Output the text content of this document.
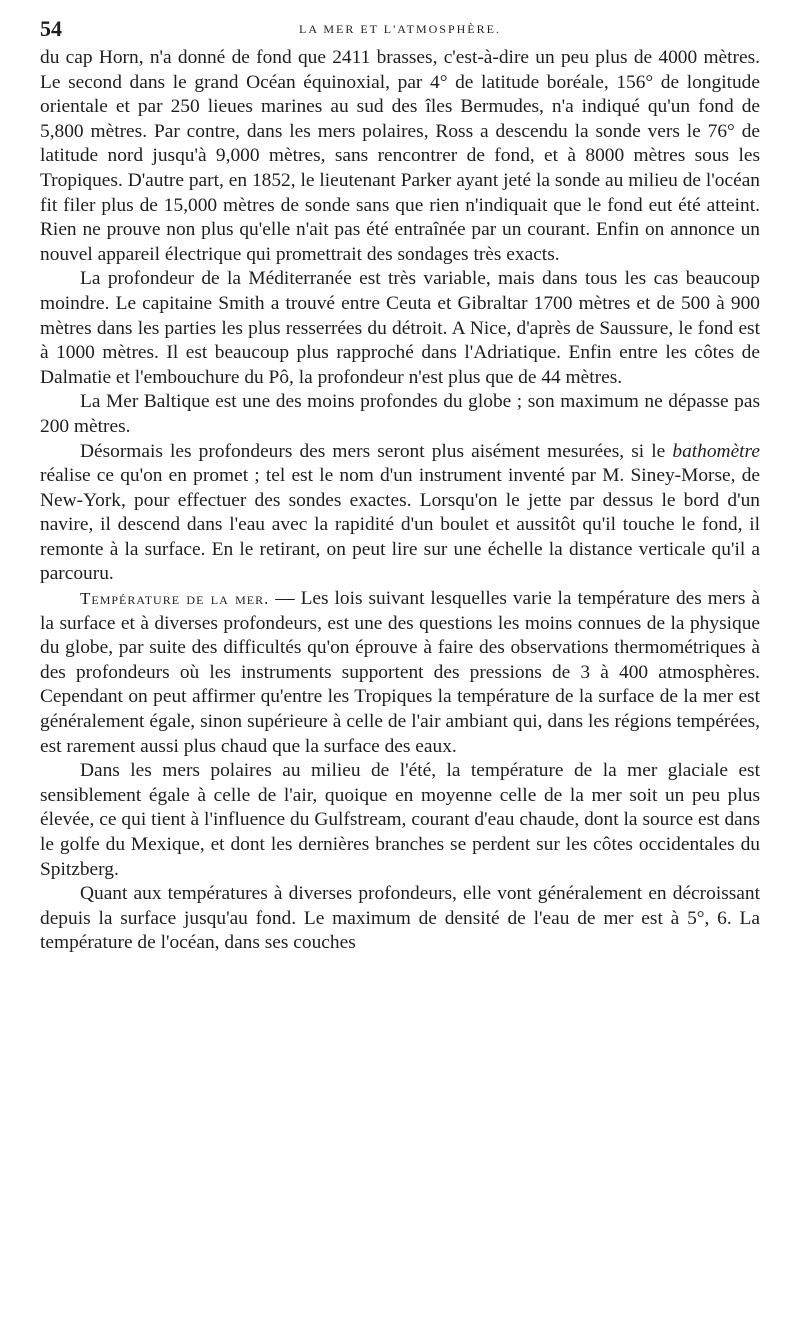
54	LA MER ET L'ATMOSPHÈRE.

du cap Horn, n'a donné de fond que 2411 brasses, c'est-à-dire un peu plus de 4000 mètres. Le second dans le grand Océan équinoxial, par 4° de latitude boréale, 156° de longitude orientale et par 250 lieues marines au sud des îles Bermudes, n'a indiqué qu'un fond de 5,800 mètres. Par contre, dans les mers polaires, Ross a descendu la sonde vers le 76° de latitude nord jusqu'à 9,000 mètres, sans rencontrer de fond, et à 8000 mètres sous les Tropiques. D'autre part, en 1852, le lieutenant Parker ayant jeté la sonde au milieu de l'océan fit filer plus de 15,000 mètres de sonde sans que rien n'indiquait que le fond eut été atteint. Rien ne prouve non plus qu'elle n'ait pas été entraînée par un courant. Enfin on annonce un nouvel appareil électrique qui promettrait des sondages très exacts.

La profondeur de la Méditerranée est très variable, mais dans tous les cas beaucoup moindre. Le capitaine Smith a trouvé entre Ceuta et Gibraltar 1700 mètres et de 500 à 900 mètres dans les parties les plus resserrées du détroit. A Nice, d'après de Saussure, le fond est à 1000 mètres. Il est beaucoup plus rapproché dans l'Adriatique. Enfin entre les côtes de Dalmatie et l'embouchure du Pô, la profondeur n'est plus que de 44 mètres.

La Mer Baltique est une des moins profondes du globe ; son maximum ne dépasse pas 200 mètres.

Désormais les profondeurs des mers seront plus aisément mesurées, si le bathomètre réalise ce qu'on en promet ; tel est le nom d'un instrument inventé par M. Siney-Morse, de New-York, pour effectuer des sondes exactes. Lorsqu'on le jette par dessus le bord d'un navire, il descend dans l'eau avec la rapidité d'un boulet et aussitôt qu'il touche le fond, il remonte à la surface. En le retirant, on peut lire sur une échelle la distance verticale qu'il a parcouru.

Température de la mer. — Les lois suivant lesquelles varie la température des mers à la surface et à diverses profondeurs, est une des questions les moins connues de la physique du globe, par suite des difficultés qu'on éprouve à faire des observations thermométriques à des profondeurs où les instruments supportent des pressions de 3 à 400 atmosphères. Cependant on peut affirmer qu'entre les Tropiques la température de la surface de la mer est généralement égale, sinon supérieure à celle de l'air ambiant qui, dans les régions tempérées, est rarement aussi plus chaud que la surface des eaux.

Dans les mers polaires au milieu de l'été, la température de la mer glaciale est sensiblement égale à celle de l'air, quoique en moyenne celle de la mer soit un peu plus élevée, ce qui tient à l'influence du Gulfstream, courant d'eau chaude, dont la source est dans le golfe du Mexique, et dont les dernières branches se perdent sur les côtes occidentales du Spitzberg.

Quant aux températures à diverses profondeurs, elle vont généralement en décroissant depuis la surface jusqu'au fond. Le maximum de densité de l'eau de mer est à 5°, 6. La température de l'océan, dans ses couches
